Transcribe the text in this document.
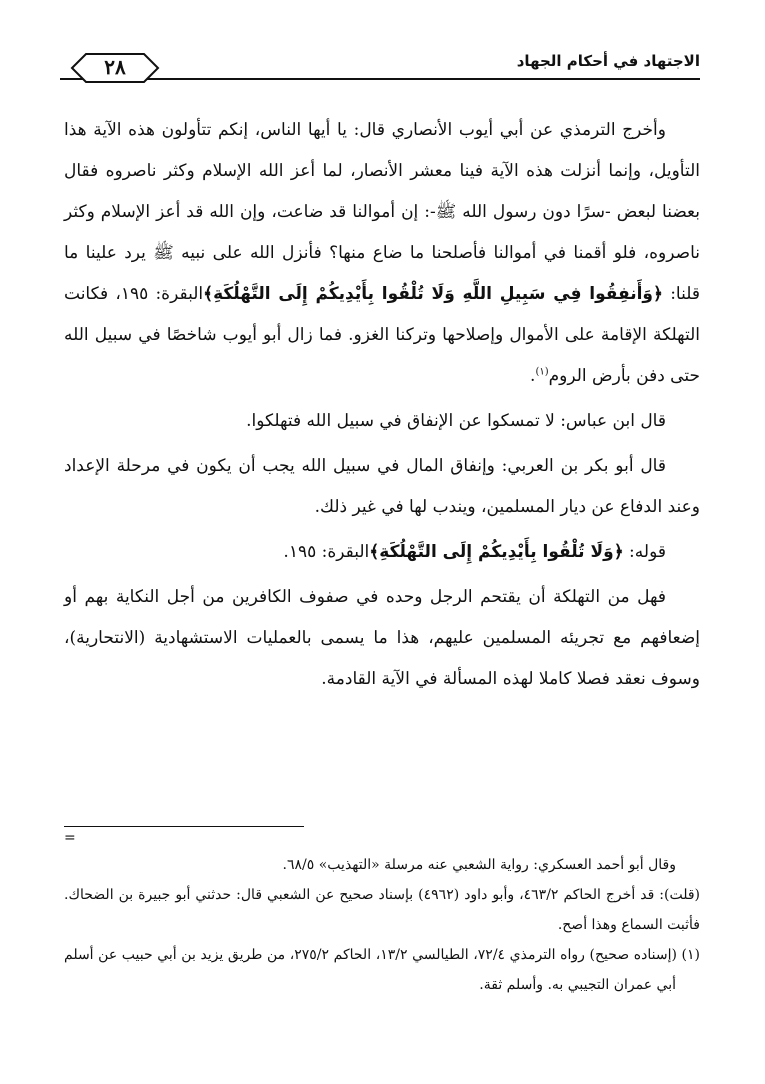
الاجتهاد في أحكام الجهاد
٢٨

وأخرج الترمذي عن أبي أيوب الأنصاري قال: يا أيها الناس، إنكم تتأولون هذه الآية هذا التأويل، وإنما أنزلت هذه الآية فينا معشر الأنصار، لما أعز الله الإسلام وكثر ناصروه فقال بعضنا لبعض -سرًا دون رسول الله ﷺ-: إن أموالنا قد ضاعت، وإن الله قد أعز الإسلام وكثر ناصروه، فلو أقمنا في أموالنا فأصلحنا ما ضاع منها؟ فأنزل الله على نبيه ﷺ يرد علينا ما قلنا: ﴿وَأَنفِقُوا فِي سَبِيلِ اللَّهِ وَلَا تُلْقُوا بِأَيْدِيكُمْ إِلَى التَّهْلُكَةِ﴾البقرة: ١٩٥، فكانت التهلكة الإقامة على الأموال وإصلاحها وتركنا الغزو. فما زال أبو أيوب شاخصًا في سبيل الله حتى دفن بأرض الروم$^{(١)}$.

قال ابن عباس: لا تمسكوا عن الإنفاق في سبيل الله فتهلكوا.

قال أبو بكر بن العربي: وإنفاق المال في سبيل الله يجب أن يكون في مرحلة الإعداد وعند الدفاع عن ديار المسلمين، ويندب لها في غير ذلك.

قوله: ﴿وَلَا تُلْقُوا بِأَيْدِيكُمْ إِلَى التَّهْلُكَةِ﴾البقرة: ١٩٥.

فهل من التهلكة أن يقتحم الرجل وحده في صفوف الكافرين من أجل النكاية بهم أو إضعافهم مع تجريئه المسلمين عليهم، هذا ما يسمى بالعمليات الاستشهادية (الانتحارية)، وسوف نعقد فصلا كاملا لهذه المسألة في الآية القادمة.

=

وقال أبو أحمد العسكري: رواية الشعبي عنه مرسلة «التهذيب» ٦٨/٥.

(قلت): قد أخرج الحاكم ٤٦٣/٢، وأبو داود (٤٩٦٢) بإسناد صحيح عن الشعبي قال: حدثني أبو جبيرة بن الضحاك. فأثبت السماع وهذا أصح.

(١) (إسناده صحيح) رواه الترمذي ٧٢/٤، الطيالسي ١٣/٢، الحاكم ٢٧٥/٢، من طريق يزيد بن أبي حبيب عن أسلم أبي عمران التجيبي به. وأسلم ثقة.
